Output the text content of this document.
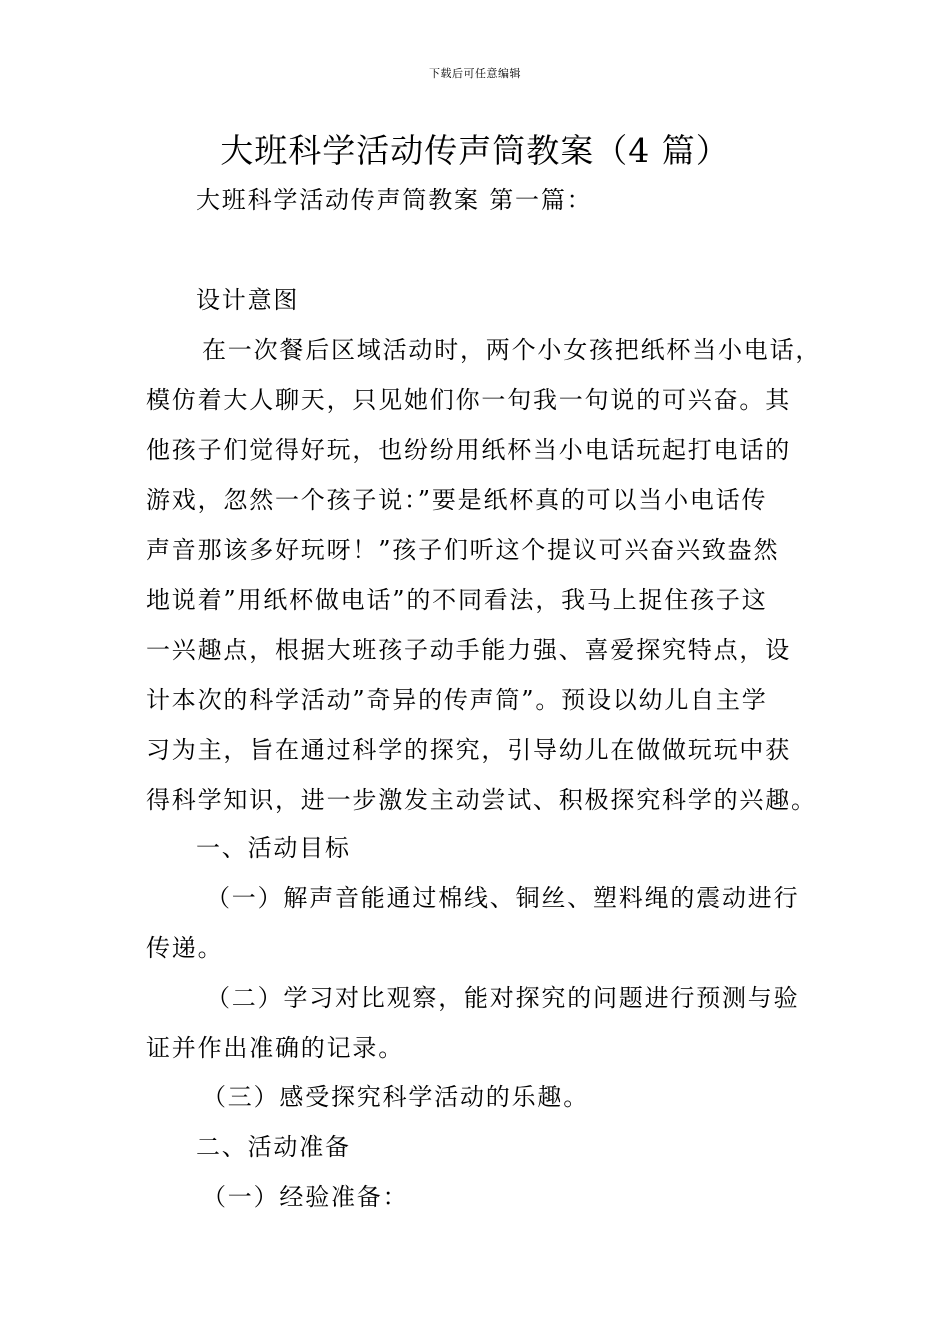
下载后可任意编辑
大班科学活动传声筒教案（4 篇）
大班科学活动传声筒教案 第一篇：
设计意图
在一次餐后区域活动时，两个小女孩把纸杯当小电话，
模仿着大人聊天，只见她们你一句我一句说的可兴奋。其
他孩子们觉得好玩，也纷纷用纸杯当小电话玩起打电话的
游戏，忽然一个孩子说：”要是纸杯真的可以当小电话传
声音那该多好玩呀！”孩子们听这个提议可兴奋兴致盎然
地说着”用纸杯做电话”的不同看法，我马上捉住孩子这
一兴趣点，根据大班孩子动手能力强、喜爱探究特点，设
计本次的科学活动”奇异的传声筒”。预设以幼儿自主学
习为主，旨在通过科学的探究，引导幼儿在做做玩玩中获
得科学知识，进一步激发主动尝试、积极探究科学的兴趣。
一、活动目标
（一）解声音能通过棉线、铜丝、塑料绳的震动进行
传递。
（二）学习对比观察，能对探究的问题进行预测与验
证并作出准确的记录。
（三）感受探究科学活动的乐趣。
二、活动准备
（一）经验准备：
